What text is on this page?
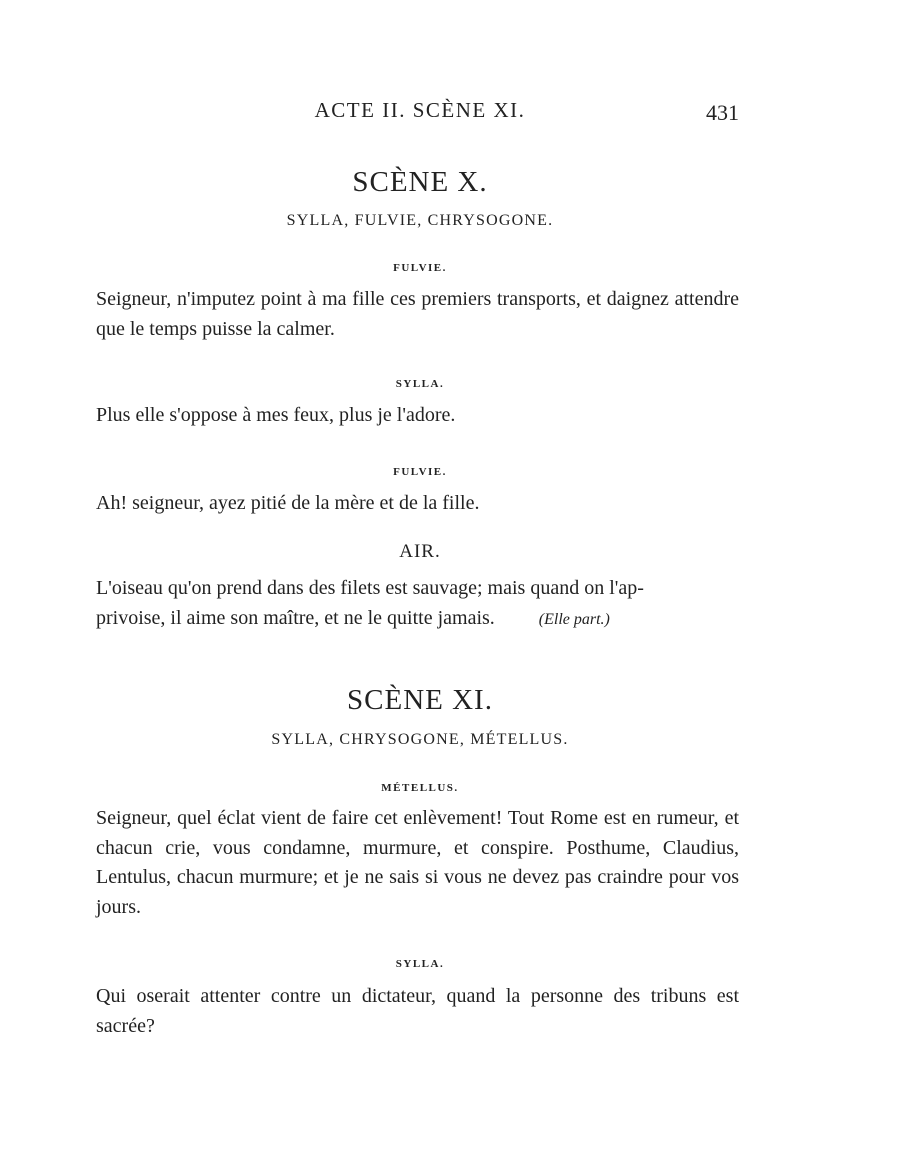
ACTE II. SCÈNE XI.	431
SCÈNE X.
SYLLA, FULVIE, CHRYSOGONE.
FULVIE.

Seigneur, n'imputez point à ma fille ces premiers transports, et daignez attendre que le temps puisse la calmer.

SYLLA.

Plus elle s'oppose à mes feux, plus je l'adore.

FULVIE.

Ah! seigneur, ayez pitié de la mère et de la fille.

AIR.

L'oiseau qu'on prend dans des filets est sauvage; mais quand on l'ap-
privoise, il aime son maître, et ne le quitte jamais.	(Elle part.)

SCÈNE XI.
SYLLA, CHRYSOGONE, MÉTELLUS.
MÉTELLUS.

Seigneur, quel éclat vient de faire cet enlèvement! Tout Rome est en rumeur, et chacun crie, vous condamne, murmure, et conspire. Posthume, Claudius, Lentulus, chacun murmure; et je ne sais si vous ne devez pas craindre pour vos jours.

SYLLA.

Qui oserait attenter contre un dictateur, quand la personne des tribuns est sacrée?
